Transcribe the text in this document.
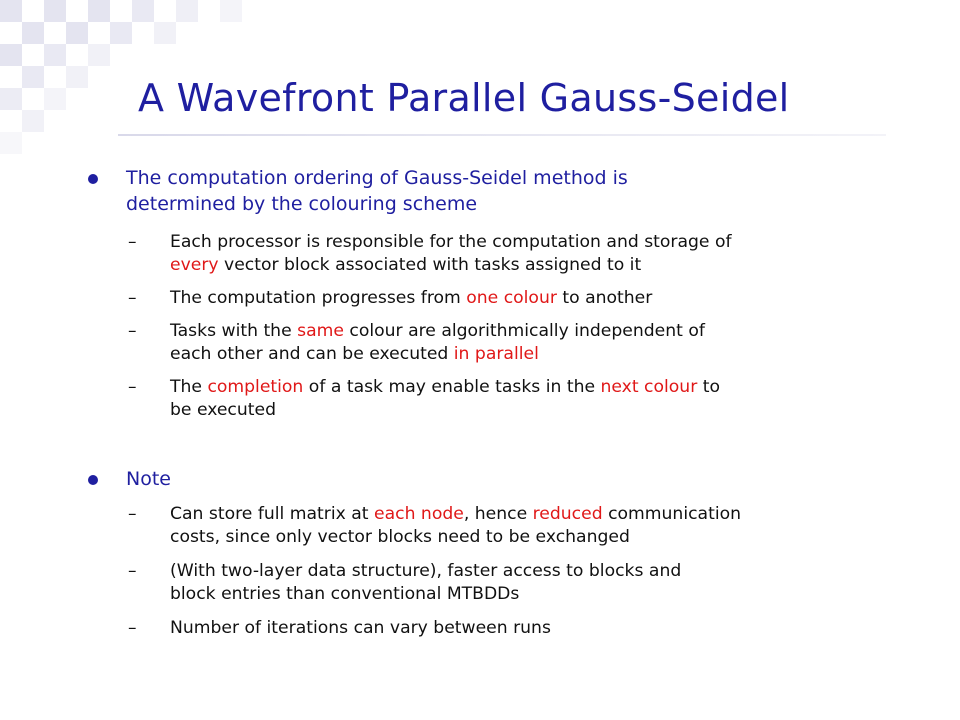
A Wavefront Parallel Gauss-Seidel
The computation ordering of Gauss-Seidel method is
determined by the colouring scheme
– Each processor is responsible for the computation and storage of
every vector block associated with tasks assigned to it
– The computation progresses from one colour to another
– Tasks with the same colour are algorithmically independent of
each other and can be executed in parallel
– The completion of a task may enable tasks in the next colour to
be executed
Note
– Can store full matrix at each node, hence reduced communication
costs, since only vector blocks need to be exchanged
– (With two-layer data structure), faster access to blocks and
block entries than conventional MTBDDs
– Number of iterations can vary between runs
